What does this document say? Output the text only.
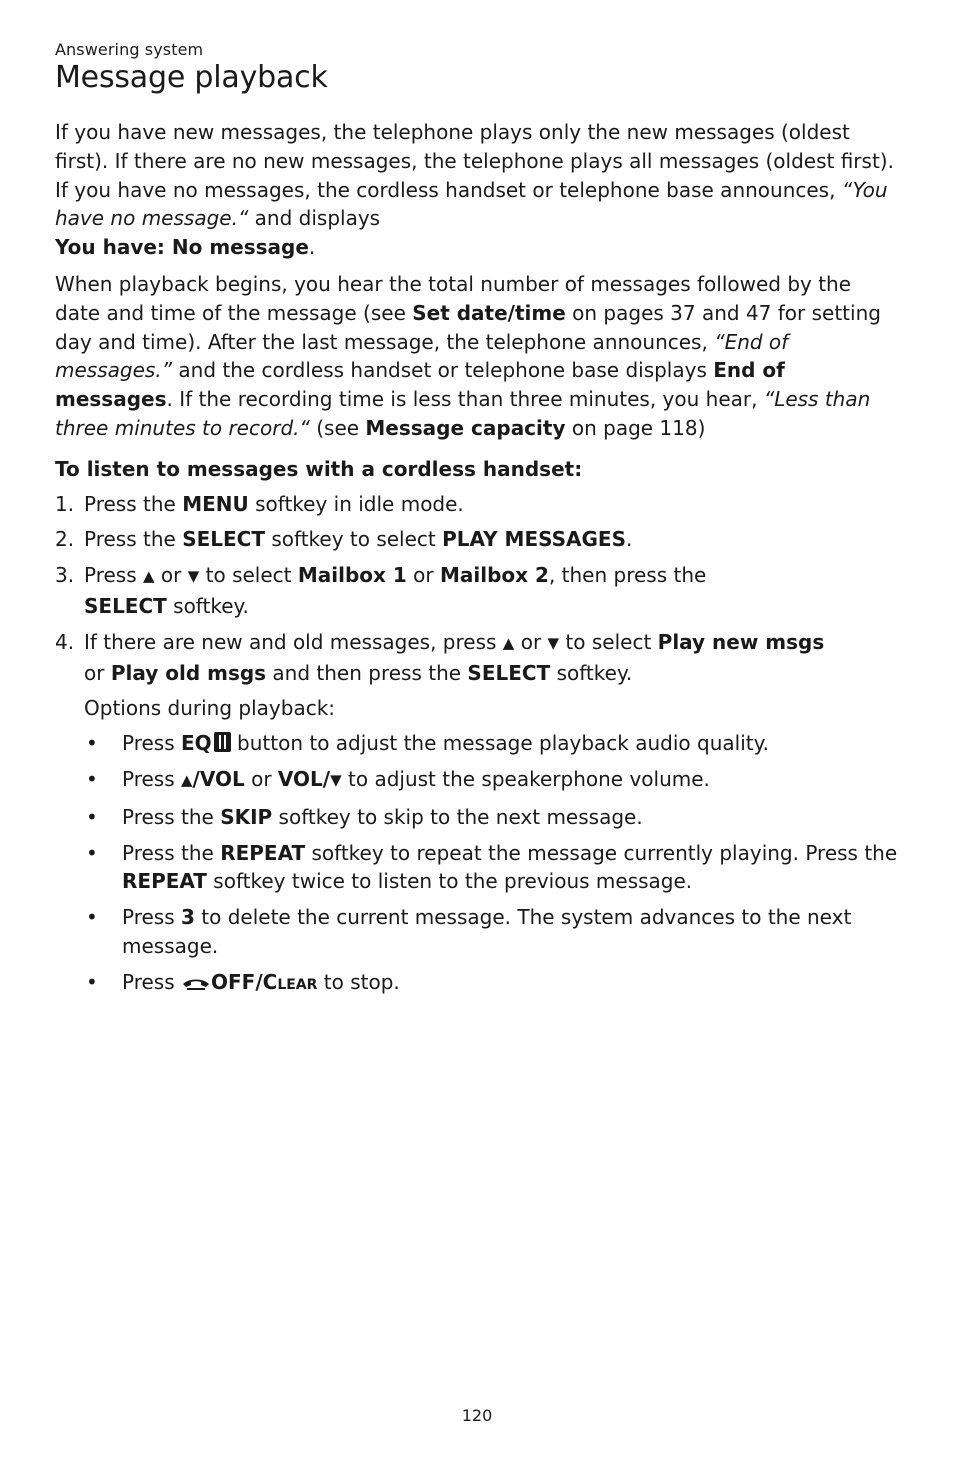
Answering system
Message playback

If you have new messages, the telephone plays only the new messages (oldest first). If there are no new messages, the telephone plays all messages (oldest first). If you have no messages, the cordless handset or telephone base announces, “You have no message.“ and displays
You have: No message.

When playback begins, you hear the total number of messages followed by the date and time of the message (see Set date/time on pages 37 and 47 for setting day and time). After the last message, the telephone announces, “End of messages.” and the cordless handset or telephone base displays End of messages. If the recording time is less than three minutes, you hear, “Less than three minutes to record.“ (see Message capacity on page 118)

To listen to messages with a cordless handset:
1. Press the MENU softkey in idle mode.
2. Press the SELECT softkey to select PLAY MESSAGES.
3. Press ▲ or ▼ to select Mailbox 1 or Mailbox 2, then press the
SELECT softkey.
4. If there are new and old messages, press ▲ or ▼ to select Play new msgs
or Play old msgs and then press the SELECT softkey.
Options during playback:
• Press EQ button to adjust the message playback audio quality.
• Press ▲/VOL or VOL/▼ to adjust the speakerphone volume.
• Press the SKIP softkey to skip to the next message.
• Press the REPEAT softkey to repeat the message currently playing. Press the REPEAT softkey twice to listen to the previous message.
• Press 3 to delete the current message. The system advances to the next message.
• Press OFF/Clear to stop.
120
